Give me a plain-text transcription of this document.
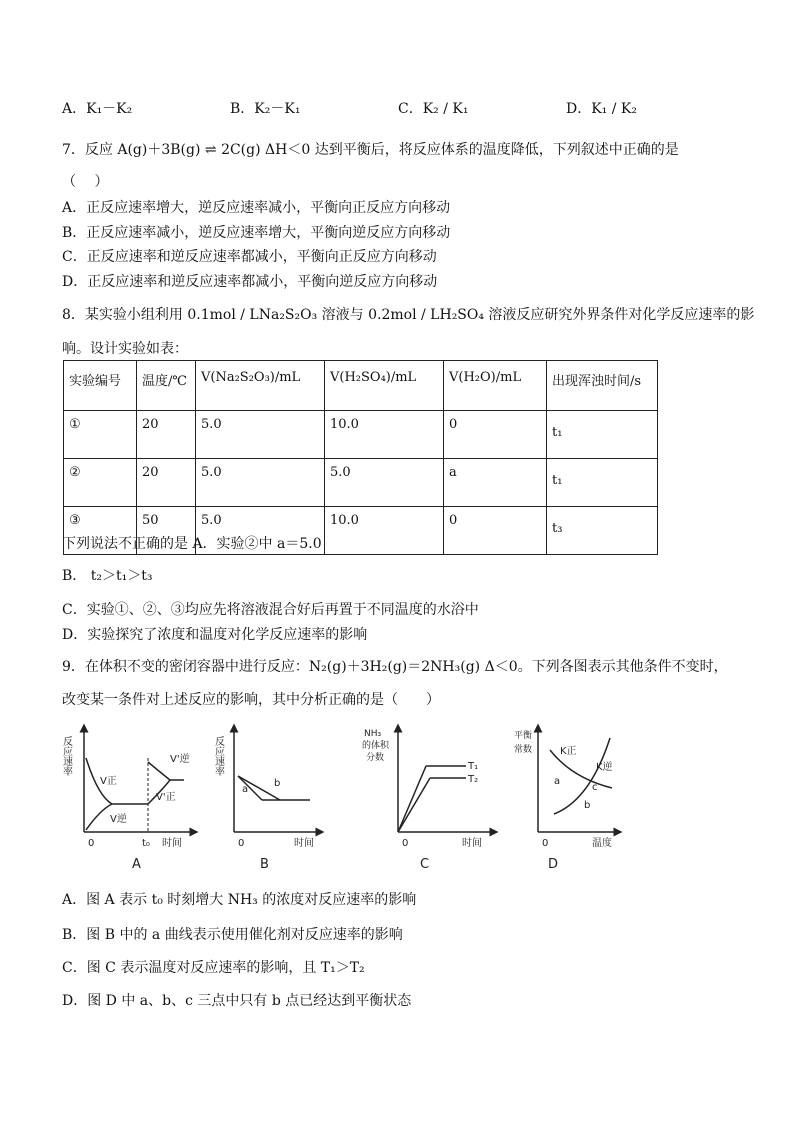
A．K₁－K₂	B．K₂－K₁	C．K₂ / K₁	D．K₁ / K₂
7．反应 A(g)＋3B(g) ⇌ 2C(g) ΔH＜0 达到平衡后，将反应体系的温度降低，下列叙述中正确的是
（　 ）
A．正反应速率增大，逆反应速率减小，平衡向正反应方向移动
B．正反应速率减小，逆反应速率增大，平衡向逆反应方向移动
C．正反应速率和逆反应速率都减小，平衡向正反应方向移动
D．正反应速率和逆反应速率都减小，平衡向逆反应方向移动
8．某实验小组利用 0.1mol / LNa₂S₂O₃ 溶液与 0.2mol / LH₂SO₄ 溶液反应研究外界条件对化学反应速率的影
响。设计实验如表：
实验编号	温度/℃	V(Na₂S₂O₃)/mL	V(H₂SO₄)/mL	V(H₂O)/mL	出现浑浊时间/s
①	20	5.0	10.0	0	t₁
②	20	5.0	5.0	a	t₁
③	50	5.0	10.0	0	t₃
下列说法不正确的是 A．实验②中 a＝5.0
B． t₂＞t₁＞t₃
C．实验①、②、③均应先将溶液混合好后再置于不同温度的水浴中
D．实验探究了浓度和温度对化学反应速率的影响
9．在体积不变的密闭容器中进行反应：N₂(g)＋3H₂(g)＝2NH₃(g) Δ＜0。下列各图表示其他条件不变时，
改变某一条件对上述反应的影响，其中分析正确的是（　　）
反应速率
V正
V逆
V'逆
V'正
0	t₀ 时间
A
反应速率
a
b
0	时间
B
NH₃
的体积
分数
T₁
T₂
0	时间
C
平衡
常数	K正
K逆
a
b
c
0	温度
D
A．图 A 表示 t₀ 时刻增大 NH₃ 的浓度对反应速率的影响
B．图 B 中的 a 曲线表示使用催化剂对反应速率的影响
C．图 C 表示温度对反应速率的影响，且 T₁＞T₂
D．图 D 中 a、b、c 三点中只有 b 点已经达到平衡状态
